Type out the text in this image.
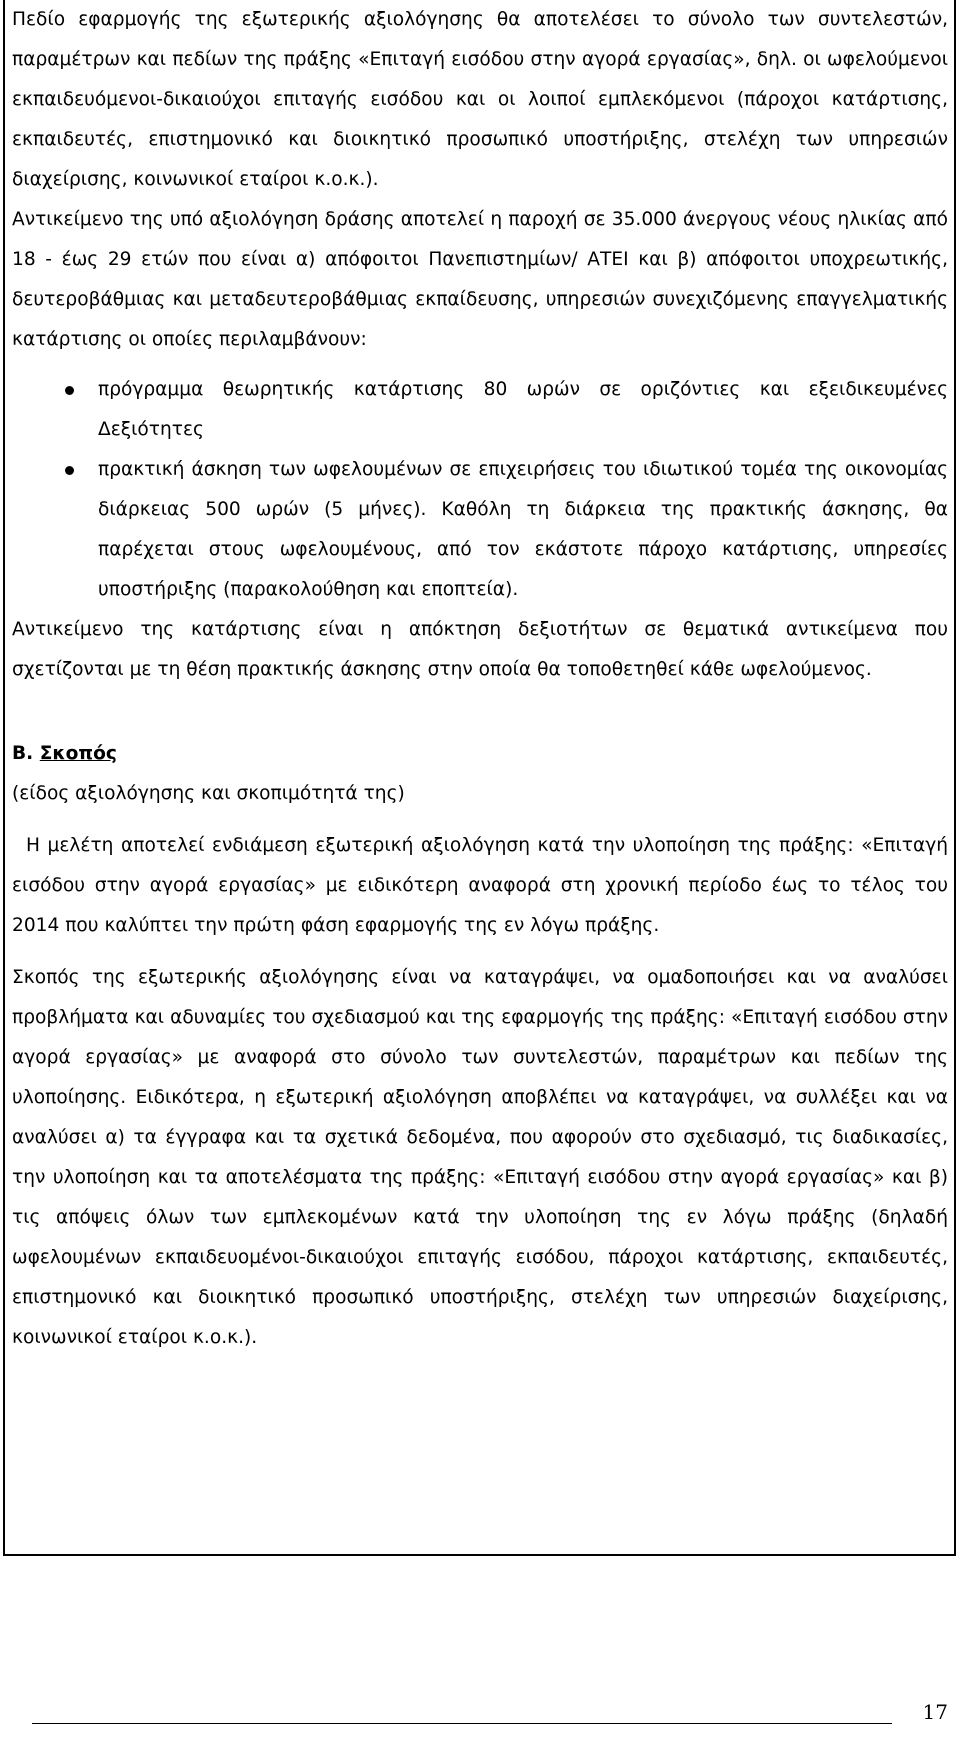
Πεδίο εφαρμογής της εξωτερικής αξιολόγησης θα αποτελέσει το σύνολο των συντελεστών, παραμέτρων και πεδίων της πράξης «Επιταγή εισόδου στην αγορά εργασίας», δηλ. οι ωφελούμενοι εκπαιδευόμενοι-δικαιούχοι επιταγής εισόδου και οι λοιποί εμπλεκόμενοι (πάροχοι κατάρτισης, εκπαιδευτές, επιστημονικό και διοικητικό προσωπικό υποστήριξης, στελέχη των υπηρεσιών διαχείρισης, κοινωνικοί εταίροι κ.ο.κ.).

Αντικείμενο της υπό αξιολόγηση δράσης αποτελεί η παροχή σε 35.000 άνεργους νέους ηλικίας από 18 - έως 29 ετών που είναι α) απόφοιτοι Πανεπιστημίων/ ΑΤΕΙ και β) απόφοιτοι υποχρεωτικής, δευτεροβάθμιας και μεταδευτεροβάθμιας εκπαίδευσης, υπηρεσιών συνεχιζόμενης επαγγελματικής κατάρτισης οι οποίες περιλαμβάνουν:

πρόγραμμα θεωρητικής κατάρτισης 80 ωρών σε οριζόντιες και εξειδικευμένες Δεξιότητες
πρακτική άσκηση των ωφελουμένων σε επιχειρήσεις του ιδιωτικού τομέα της οικονομίας διάρκειας 500 ωρών (5 μήνες). Καθόλη τη διάρκεια της πρακτικής άσκησης, θα παρέχεται στους ωφελουμένους, από τον εκάστοτε πάροχο κατάρτισης, υπηρεσίες υποστήριξης (παρακολούθηση και εποπτεία).

Αντικείμενο της κατάρτισης είναι η απόκτηση δεξιοτήτων σε θεματικά αντικείμενα που σχετίζονται με τη θέση πρακτικής άσκησης στην οποία θα τοποθετηθεί κάθε ωφελούμενος.

Β. Σκοπός

(είδος αξιολόγησης και σκοπιμότητά της)

Η μελέτη αποτελεί ενδιάμεση εξωτερική αξιολόγηση κατά την υλοποίηση της πράξης: «Επιταγή εισόδου στην αγορά εργασίας» με ειδικότερη αναφορά στη χρονική περίοδο έως το τέλος του 2014 που καλύπτει την πρώτη φάση εφαρμογής της εν λόγω πράξης.

Σκοπός της εξωτερικής αξιολόγησης είναι να καταγράψει, να ομαδοποιήσει και να αναλύσει προβλήματα και αδυναμίες του σχεδιασμού και της εφαρμογής της πράξης: «Επιταγή εισόδου στην αγορά εργασίας» με αναφορά στο σύνολο των συντελεστών, παραμέτρων και πεδίων της υλοποίησης. Ειδικότερα, η εξωτερική αξιολόγηση αποβλέπει να καταγράψει, να συλλέξει και να αναλύσει α) τα έγγραφα και τα σχετικά δεδομένα, που αφορούν στο σχεδιασμό, τις διαδικασίες, την υλοποίηση και τα αποτελέσματα της πράξης: «Επιταγή εισόδου στην αγορά εργασίας» και β) τις απόψεις όλων των εμπλεκομένων κατά την υλοποίηση της εν λόγω πράξης (δηλαδή ωφελουμένων εκπαιδευομένοι-δικαιούχοι επιταγής εισόδου, πάροχοι κατάρτισης, εκπαιδευτές, επιστημονικό και διοικητικό προσωπικό υποστήριξης, στελέχη των υπηρεσιών διαχείρισης, κοινωνικοί εταίροι κ.ο.κ.).

17
